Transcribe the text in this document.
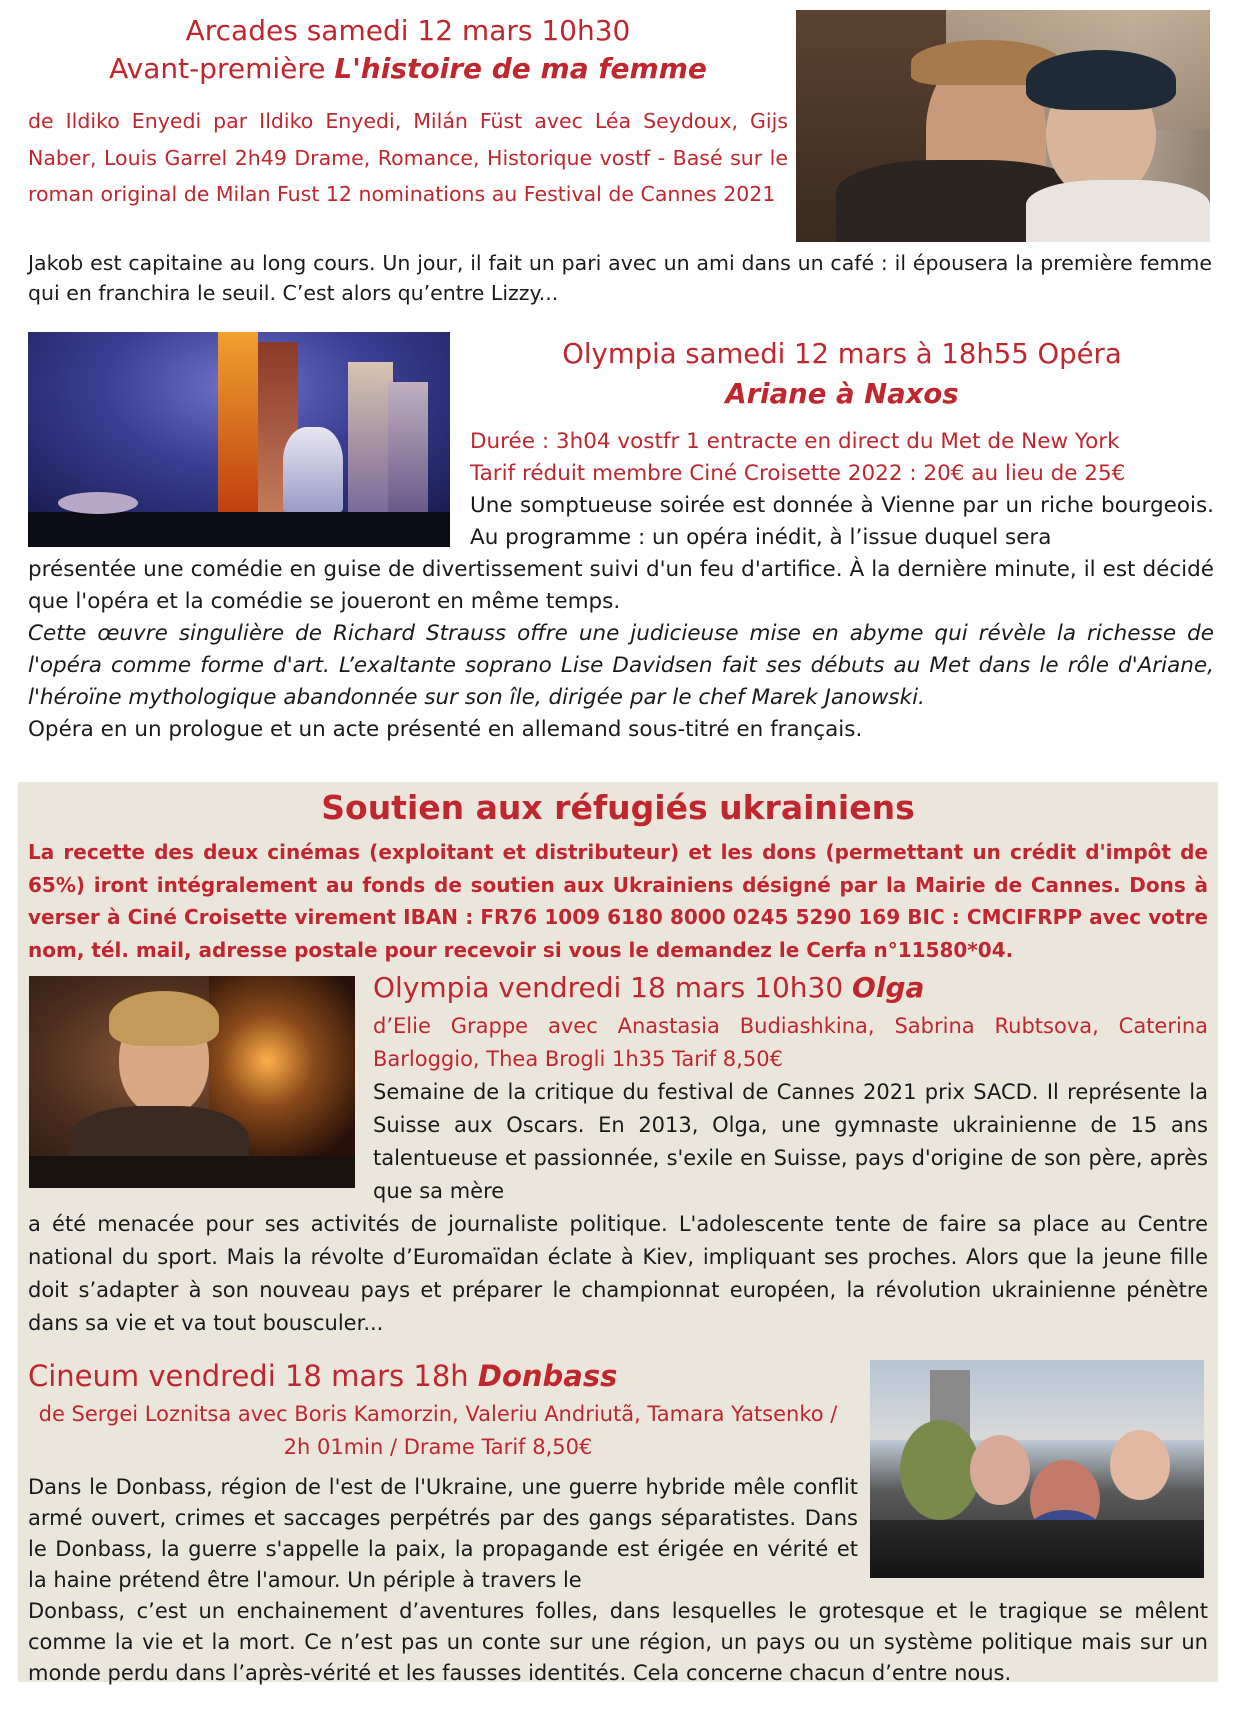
Arcades samedi 12 mars 10h30
Avant-première L'histoire de ma femme
de Ildiko Enyedi par Ildiko Enyedi, Milán Füst avec Léa Seydoux, Gijs Naber, Louis Garrel 2h49 Drame, Romance, Historique vostf - Basé sur le roman original de Milan Fust 12 nominations au Festival de Cannes 2021
Jakob est capitaine au long cours. Un jour, il fait un pari avec un ami dans un café : il épousera la première femme qui en franchira le seuil. C’est alors qu’entre Lizzy...
Olympia samedi 12 mars à 18h55 Opéra
Ariane à Naxos
Durée : 3h04 vostfr 1 entracte en direct du Met de New York
Tarif réduit membre Ciné Croisette 2022 : 20€ au lieu de 25€
Une somptueuse soirée est donnée à Vienne par un riche bourgeois. Au programme : un opéra inédit, à l’issue duquel sera
présentée une comédie en guise de divertissement suivi d'un feu d'artifice. À la dernière minute, il est décidé que l'opéra et la comédie se joueront en même temps.
Cette œuvre singulière de Richard Strauss offre une judicieuse mise en abyme qui révèle la richesse de l'opéra comme forme d'art. L’exaltante soprano Lise Davidsen fait ses débuts au Met dans le rôle d'Ariane, l'héroïne mythologique abandonnée sur son île, dirigée par le chef Marek Janowski.
Opéra en un prologue et un acte présenté en allemand sous-titré en français.
Soutien aux réfugiés ukrainiens
La recette des deux cinémas (exploitant et distributeur) et les dons (permettant un crédit d'impôt de 65%) iront intégralement au fonds de soutien aux Ukrainiens désigné par la Mairie de Cannes. Dons à verser à Ciné Croisette virement IBAN : FR76 1009 6180 8000 0245 5290 169 BIC : CMCIFRPP avec votre nom, tél. mail, adresse postale pour recevoir si vous le demandez le Cerfa n°11580*04.
Olympia vendredi 18 mars 10h30 Olga
d’Elie Grappe avec Anastasia Budiashkina, Sabrina Rubtsova, Caterina Barloggio, Thea Brogli 1h35 Tarif 8,50€
Semaine de la critique du festival de Cannes 2021 prix SACD. Il représente la Suisse aux Oscars. En 2013, Olga, une gymnaste ukrainienne de 15 ans talentueuse et passionnée, s'exile en Suisse, pays d'origine de son père, après que sa mère
a été menacée pour ses activités de journaliste politique. L'adolescente tente de faire sa place au Centre national du sport. Mais la révolte d’Euromaïdan éclate à Kiev, impliquant ses proches. Alors que la jeune fille doit s’adapter à son nouveau pays et préparer le championnat européen, la révolution ukrainienne pénètre dans sa vie et va tout bousculer...
Cineum vendredi 18 mars 18h Donbass
de Sergei Loznitsa avec Boris Kamorzin, Valeriu Andriutã, Tamara Yatsenko / 2h 01min / Drame Tarif 8,50€
Dans le Donbass, région de l'est de l'Ukraine, une guerre hybride mêle conflit armé ouvert, crimes et saccages perpétrés par des gangs séparatistes. Dans le Donbass, la guerre s'appelle la paix, la propagande est érigée en vérité et la haine prétend être l'amour. Un périple à travers le
Donbass, c’est un enchainement d’aventures folles, dans lesquelles le grotesque et le tragique se mêlent comme la vie et la mort. Ce n’est pas un conte sur une région, un pays ou un système politique mais sur un monde perdu dans l’après-vérité et les fausses identités. Cela concerne chacun d’entre nous.
